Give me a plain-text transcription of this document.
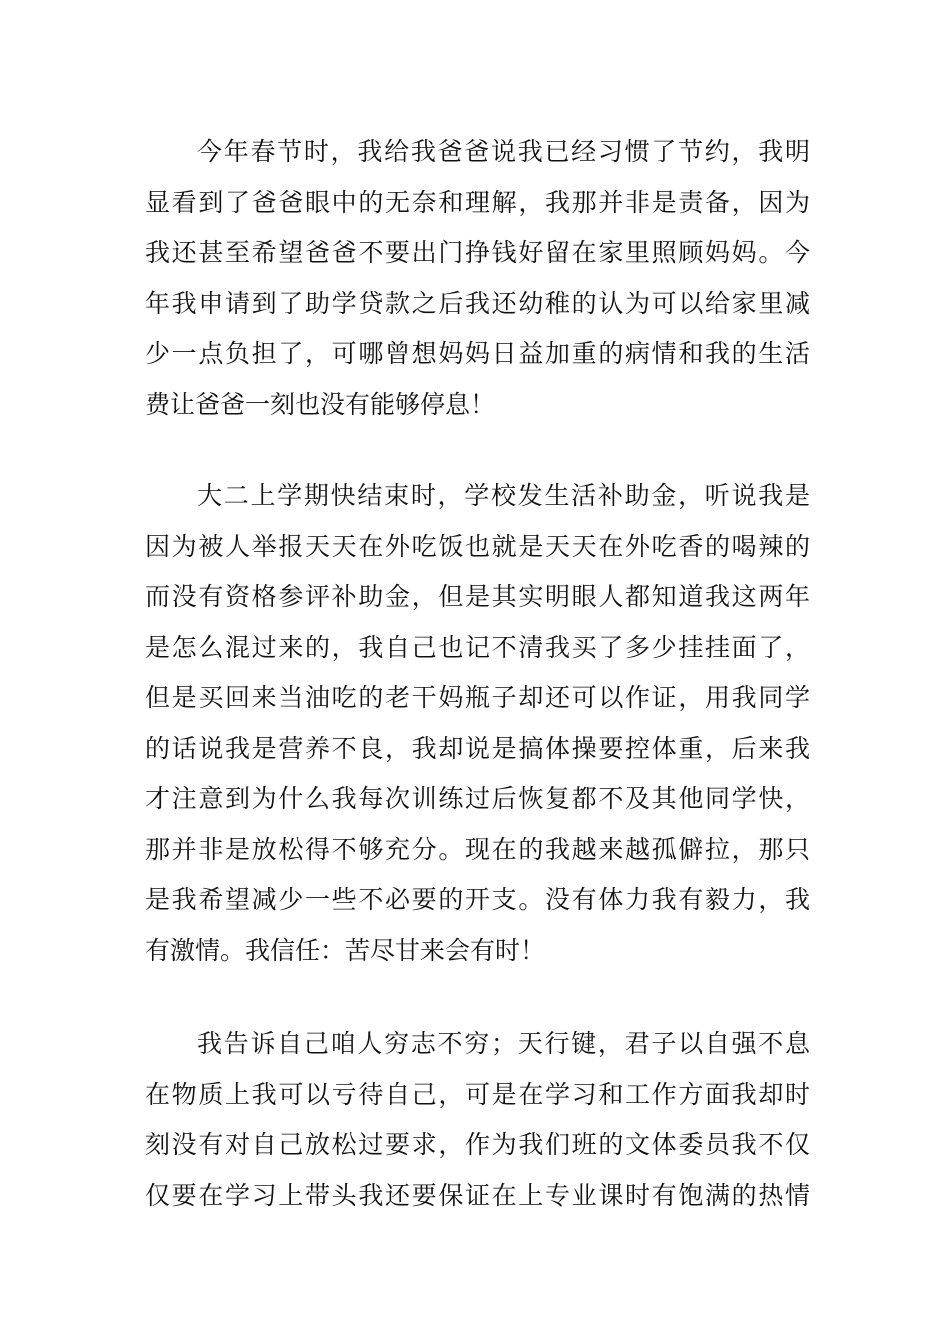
今年春节时，我给我爸爸说我已经习惯了节约，我明
显看到了爸爸眼中的无奈和理解，我那并非是责备，因为
我还甚至希望爸爸不要出门挣钱好留在家里照顾妈妈。今
年我申请到了助学贷款之后我还幼稚的认为可以给家里减
少一点负担了，可哪曾想妈妈日益加重的病情和我的生活
费让爸爸一刻也没有能够停息！
大二上学期快结束时，学校发生活补助金，听说我是
因为被人举报天天在外吃饭也就是天天在外吃香的喝辣的
而没有资格参评补助金，但是其实明眼人都知道我这两年
是怎么混过来的，我自己也记不清我买了多少挂挂面了，
但是买回来当油吃的老干妈瓶子却还可以作证，用我同学
的话说我是营养不良，我却说是搞体操要控体重，后来我
才注意到为什么我每次训练过后恢复都不及其他同学快，
那并非是放松得不够充分。现在的我越来越孤僻拉，那只
是我希望减少一些不必要的开支。没有体力我有毅力，我
有激情。我信任：苦尽甘来会有时！
我告诉自己咱人穷志不穷；天行键，君子以自强不息
在物质上我可以亏待自己，可是在学习和工作方面我却时
刻没有对自己放松过要求，作为我们班的文体委员我不仅
仅要在学习上带头我还要保证在上专业课时有饱满的热情
